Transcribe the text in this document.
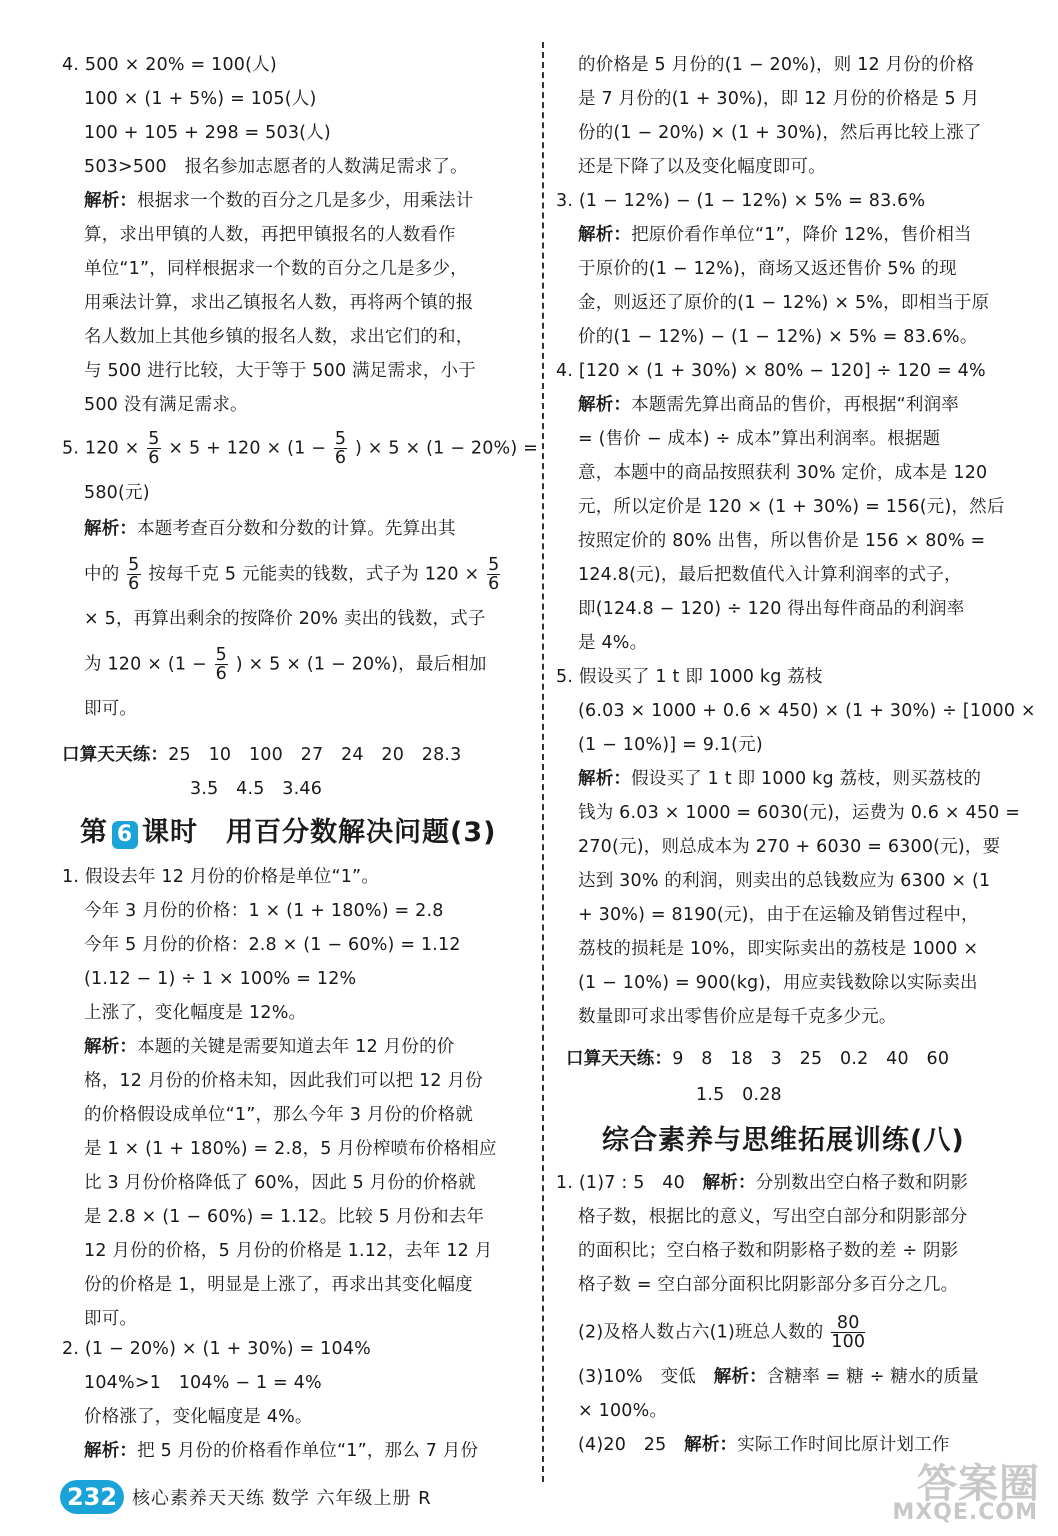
4. 500 × 20% = 100(人)
100 × (1 + 5%) = 105(人)
100 + 105 + 298 = 503(人)
503>500　报名参加志愿者的人数满足需求了。
解析：根据求一个数的百分之几是多少，用乘法计
算，求出甲镇的人数，再把甲镇报名的人数看作
单位“1”，同样根据求一个数的百分之几是多少，
用乘法计算，求出乙镇报名人数，再将两个镇的报
名人数加上其他乡镇的报名人数，求出它们的和，
与 500 进行比较，大于等于 500 满足需求，小于
500 没有满足需求。
5. $120 \times \frac{5}{6} \times 5 + 120 \times (1 - \frac{5}{6}$ ) × 5 × (1 − 20%) =
580(元)
解析：本题考查百分数和分数的计算。先算出其
中的 $\frac{5}{6}$ 按每千克 5 元能卖的钱数，式子为 $120 \times \frac{5}{6}$
× 5，再算出剩余的按降价 20% 卖出的钱数，式子
为 $120 \times (1 - \frac{5}{6}$ ) × 5 × (1 − 20%)，最后相加
即可。
口算天天练：25　10　100　27　24　20　28.3
3.5　4.5　3.46
第 6 课时　用百分数解决问题(3)
1. 假设去年 12 月份的价格是单位“1”。
今年 3 月份的价格：1 × (1 + 180%) = 2.8
今年 5 月份的价格：2.8 × (1 − 60%) = 1.12
(1.12 − 1) ÷ 1 × 100% = 12%
上涨了，变化幅度是 12%。
解析：本题的关键是需要知道去年 12 月份的价
格，12 月份的价格未知，因此我们可以把 12 月份
的价格假设成单位“1”，那么今年 3 月份的价格就
是 1 × (1 + 180%) = 2.8，5 月份榨喷布价格相应
比 3 月份价格降低了 60%，因此 5 月份的价格就
是 2.8 × (1 − 60%) = 1.12。比较 5 月份和去年
12 月份的价格，5 月份的价格是 1.12，去年 12 月
份的价格是 1，明显是上涨了，再求出其变化幅度
即可。
2. (1 − 20%) × (1 + 30%) = 104%
104%>1　104% − 1 = 4%
价格涨了，变化幅度是 4%。
解析：把 5 月份的价格看作单位“1”，那么 7 月份
的价格是 5 月份的(1 − 20%)，则 12 月份的价格
是 7 月份的(1 + 30%)，即 12 月份的价格是 5 月
份的(1 − 20%) × (1 + 30%)，然后再比较上涨了
还是下降了以及变化幅度即可。
3. (1 − 12%) − (1 − 12%) × 5% = 83.6%
解析：把原价看作单位“1”，降价 12%，售价相当
于原价的(1 − 12%)，商场又返还售价 5% 的现
金，则返还了原价的(1 − 12%) × 5%，即相当于原
价的(1 − 12%) − (1 − 12%) × 5% = 83.6%。
4. [120 × (1 + 30%) × 80% − 120] ÷ 120 = 4%
解析：本题需先算出商品的售价，再根据“利润率
= (售价 − 成本) ÷ 成本”算出利润率。根据题
意，本题中的商品按照获利 30% 定价，成本是 120
元，所以定价是 120 × (1 + 30%) = 156(元)，然后
按照定价的 80% 出售，所以售价是 156 × 80% =
124.8(元)，最后把数值代入计算利润率的式子，
即(124.8 − 120) ÷ 120 得出每件商品的利润率
是 4%。
5. 假设买了 1 t 即 1000 kg 荔枝
(6.03 × 1000 + 0.6 × 450) × (1 + 30%) ÷ [1000 ×
(1 − 10%)] = 9.1(元)
解析：假设买了 1 t 即 1000 kg 荔枝，则买荔枝的
钱为 6.03 × 1000 = 6030(元)，运费为 0.6 × 450 =
270(元)，则总成本为 270 + 6030 = 6300(元)，要
达到 30% 的利润，则卖出的总钱数应为 6300 × (1
+ 30%) = 8190(元)，由于在运输及销售过程中，
荔枝的损耗是 10%，即实际卖出的荔枝是 1000 ×
(1 − 10%) = 900(kg)，用应卖钱数除以实际卖出
数量即可求出零售价应是每千克多少元。
口算天天练：9　8　18　3　25　0.2　40　60
1.5　0.28
综合素养与思维拓展训练(八)
1. (1)7 : 5　40　解析：分别数出空白格子数和阴影
格子数，根据比的意义，写出空白部分和阴影部分
的面积比；空白格子数和阴影格子数的差 ÷ 阴影
格子数 = 空白部分面积比阴影部分多百分之几。
(2)及格人数占六(1)班总人数的 $\frac{80}{100}$
(3)10%　变低　解析：含糖率 = 糖 ÷ 糖水的质量
× 100%。
(4)20　25　解析：实际工作时间比原计划工作
232 核心素养天天练 数学 六年级上册 R	答案圈
MXQE.COM
